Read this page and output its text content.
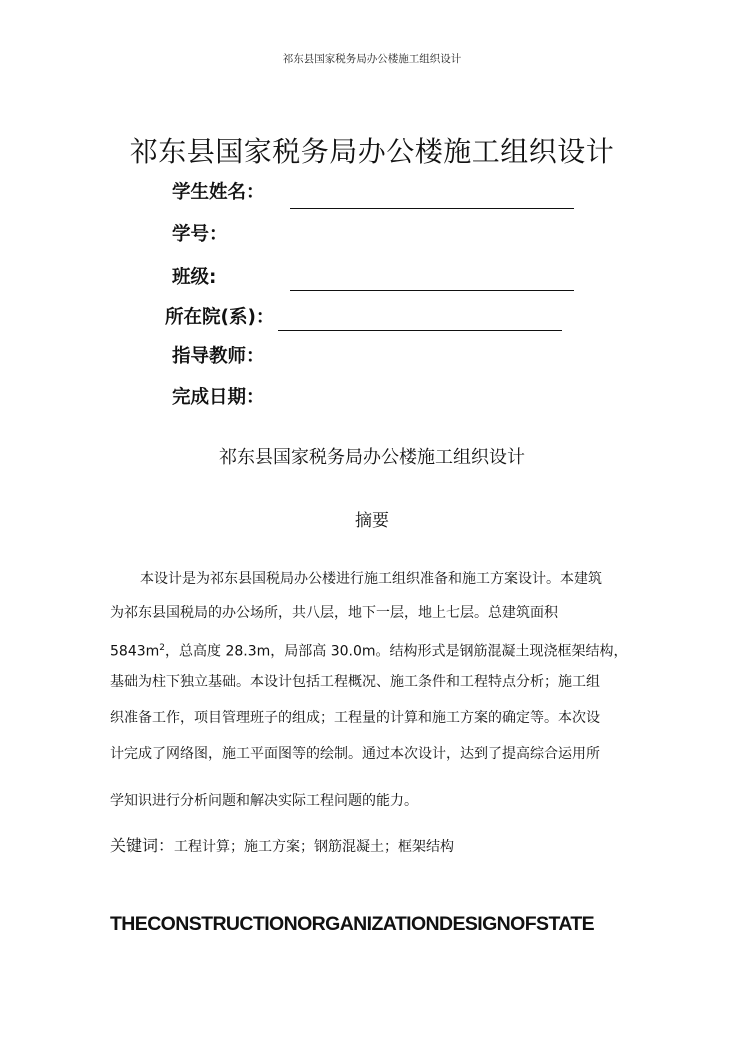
祁东县国家税务局办公楼施工组织设计
祁东县国家税务局办公楼施工组织设计
学生姓名：
学号：
班级:
所在院(系)：
指导教师：
完成日期：
祁东县国家税务局办公楼施工组织设计
摘要
本设计是为祁东县国税局办公楼进行施工组织准备和施工方案设计。本建筑
为祁东县国税局的办公场所，共八层，地下一层，地上七层。总建筑面积
$5843m^2$，总高度 28.3m，局部高 30.0m。结构形式是钢筋混凝土现浇框架结构，
基础为柱下独立基础。本设计包括工程概况、施工条件和工程特点分析；施工组
织准备工作，项目管理班子的组成；工程量的计算和施工方案的确定等。本次设
计完成了网络图，施工平面图等的绘制。通过本次设计，达到了提高综合运用所
学知识进行分析问题和解决实际工程问题的能力。
关键词：工程计算；施工方案；钢筋混凝土；框架结构
THECONSTRUCTIONORGANIZATIONDESIGNOFSTATE
